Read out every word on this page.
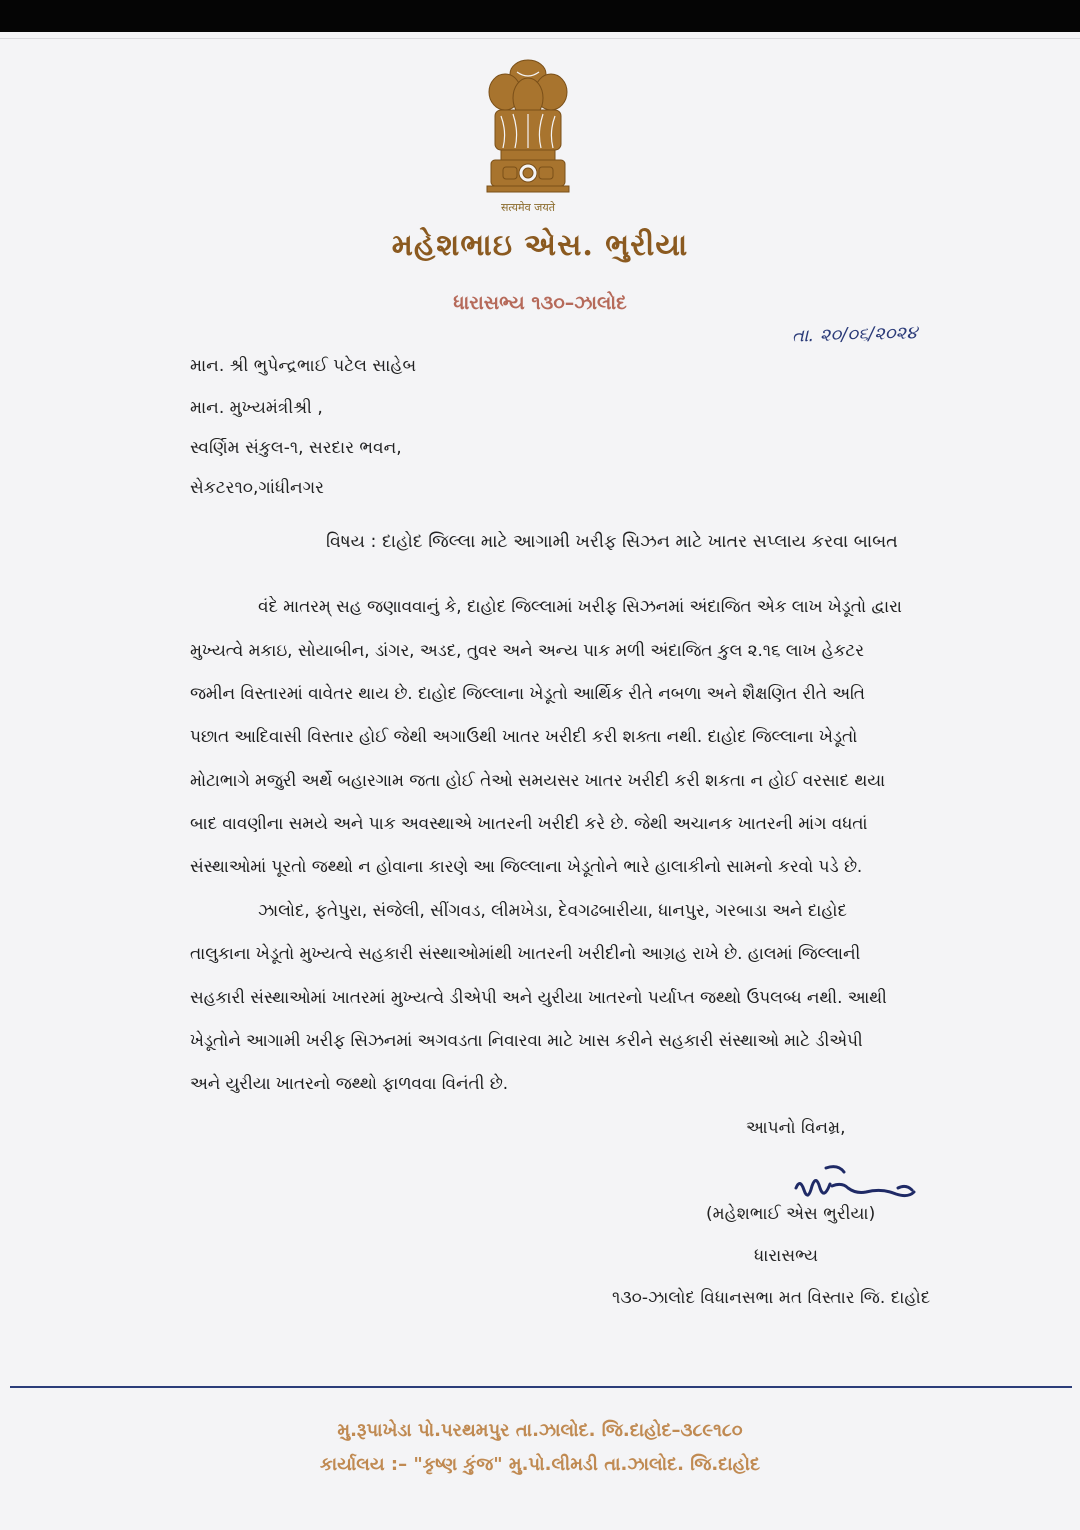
सत्यमेव जयते
મહેશભાઇ એસ. ભુરીયા
ધારાસભ્ય ૧૩૦–ઝાલોદ
તા. ૨૦/૦૬/૨૦૨૪
માન. શ્રી ભુપેન્દ્રભાઈ પટેલ સાહેબ
માન. મુખ્યમંત્રીશ્રી ,
સ્વર્ણિમ સંકુલ-૧, સરદાર ભવન,
સેકટર૧૦,ગાંધીનગર
વિષય : દાહોદ જિલ્લા માટે આગામી ખરીફ સિઝન માટે ખાતર સપ્લાય કરવા બાબત
વંદે માતરમ્ સહ જણાવવાનું કે, દાહોદ જિલ્લામાં ખરીફ સિઝનમાં અંદાજિત એક લાખ ખેડૂતો દ્વારા
મુખ્યત્વે મકાઇ, સોયાબીન, ડાંગર, અડદ, તુવર અને અન્ય પાક મળી અંદાજિત કુલ ૨.૧૬ લાખ હેકટર
જમીન વિસ્તારમાં વાવેતર થાય છે. દાહોદ જિલ્લાના ખેડૂતો આર્થિક રીતે નબળા અને શૈક્ષણિત રીતે અતિ
પછાત આદિવાસી વિસ્તાર હોઈ જેથી અગાઉથી ખાતર ખરીદી કરી શક્તા નથી. દાહોદ જિલ્લાના ખેડૂતો
મોટાભાગે મજુરી અર્થે બહારગામ જતા હોઈ તેઓ સમયસર ખાતર ખરીદી કરી શકતા ન હોઈ વરસાદ થયા
બાદ વાવણીના સમયે અને પાક અવસ્થાએ ખાતરની ખરીદી કરે છે. જેથી અચાનક ખાતરની માંગ વધતાં
સંસ્થાઓમાં પૂરતો જથ્થો ન હોવાના કારણે આ જિલ્લાના ખેડૂતોને ભારે હાલાકીનો સામનો કરવો પડે છે.
ઝાલોદ, ફતેપુરા, સંજેલી, સીંગવડ, લીમખેડા, દેવગઢબારીયા, ધાનપુર, ગરબાડા અને દાહોદ
તાલુકાના ખેડૂતો મુખ્યત્વે સહકારી સંસ્થાઓમાંથી ખાતરની ખરીદીનો આગ્રહ રાખે છે. હાલમાં જિલ્લાની
સહકારી સંસ્થાઓમાં ખાતરમાં મુખ્યત્વે ડીએપી અને યુરીયા ખાતરનો પર્યાપ્ત જથ્થો ઉપલબ્ધ નથી. આથી
ખેડૂતોને આગામી ખરીફ સિઝનમાં અગવડતા નિવારવા માટે ખાસ કરીને સહકારી સંસ્થાઓ માટે ડીએપી
અને યુરીયા ખાતરનો જથ્થો ફાળવવા વિનંતી છે.
આપનો વિનમ્ર,
(મહેશભાઈ એસ ભુરીયા)
ધારાસભ્ય
૧૩૦-ઝાલોદ વિધાનસભા મત વિસ્તાર જિ. દાહોદ
મુ.રૂપાખેડા પો.પરથમપુર તા.ઝાલોદ. જિ.દાહોદ–૩૮૯૧૮૦
કાર્યાલય :– "કૃષ્ણ કુંજ" મુ.પો.લીમડી તા.ઝાલોદ. જિ.દાહોદ
